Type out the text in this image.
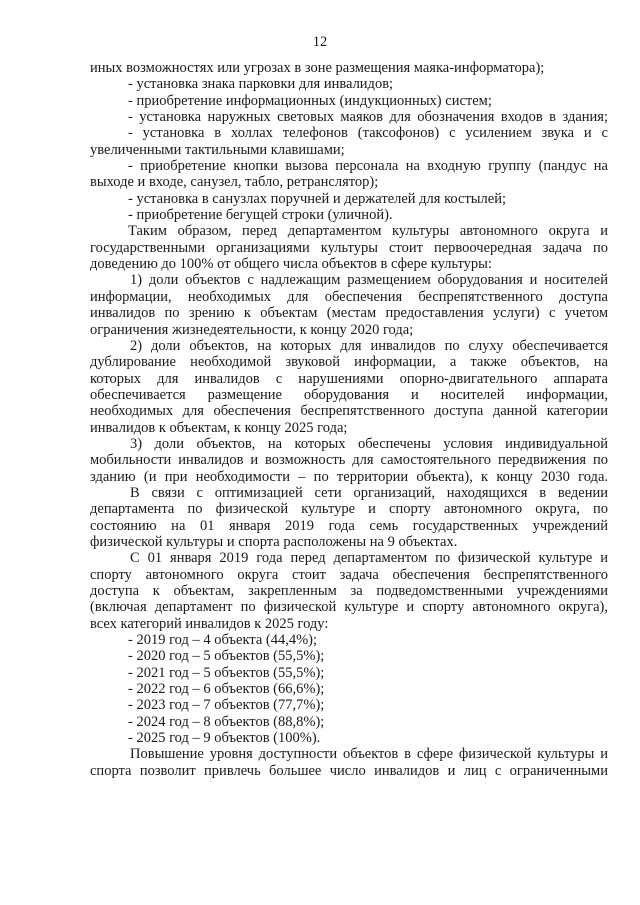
12
иных возможностях или угрозах в зоне размещения маяка-информатора);
- установка знака парковки для инвалидов;
- приобретение информационных (индукционных) систем;
- установка наружных световых маяков для обозначения входов в здания;
- установка в холлах телефонов (таксофонов) с усилением звука и с
увеличенными тактильными клавишами;
- приобретение кнопки вызова персонала на входную группу (пандус на
выходе и входе, санузел, табло, ретранслятор);
- установка в санузлах поручней и держателей для костылей;
- приобретение бегущей строки (уличной).
Таким образом, перед департаментом культуры автономного округа и
государственными организациями культуры стоит первоочередная задача по
доведению до 100% от общего числа объектов в сфере культуры:
1) доли объектов с надлежащим размещением оборудования и носителей
информации, необходимых для обеспечения беспрепятственного доступа
инвалидов по зрению к объектам (местам предоставления услуги) с учетом
ограничения жизнедеятельности, к концу 2020 года;
2) доли объектов, на которых для инвалидов по слуху обеспечивается
дублирование необходимой звуковой информации, а также объектов, на
которых для инвалидов с нарушениями опорно-двигательного аппарата
обеспечивается размещение оборудования и носителей информации,
необходимых для обеспечения беспрепятственного доступа данной категории
инвалидов к объектам, к концу 2025 года;
3) доли объектов, на которых обеспечены условия индивидуальной
мобильности инвалидов и возможность для самостоятельного передвижения по
зданию (и при необходимости – по территории объекта), к концу 2030 года.
В связи с оптимизацией сети организаций, находящихся в ведении
департамента по физической культуре и спорту автономного округа, по
состоянию на 01 января 2019 года семь государственных учреждений
физической культуры и спорта расположены на 9 объектах.
С 01 января 2019 года перед департаментом по физической культуре и
спорту автономного округа стоит задача обеспечения беспрепятственного
доступа к объектам, закрепленным за подведомственными учреждениями
(включая департамент по физической культуре и спорту автономного округа),
всех категорий инвалидов к 2025 году:
- 2019 год – 4 объекта (44,4%);
- 2020 год – 5 объектов (55,5%);
- 2021 год – 5 объектов (55,5%);
- 2022 год – 6 объектов (66,6%);
- 2023 год – 7 объектов (77,7%);
- 2024 год – 8 объектов (88,8%);
- 2025 год – 9 объектов (100%).
Повышение уровня доступности объектов в сфере физической культуры и
спорта позволит привлечь большее число инвалидов и лиц с ограниченными
